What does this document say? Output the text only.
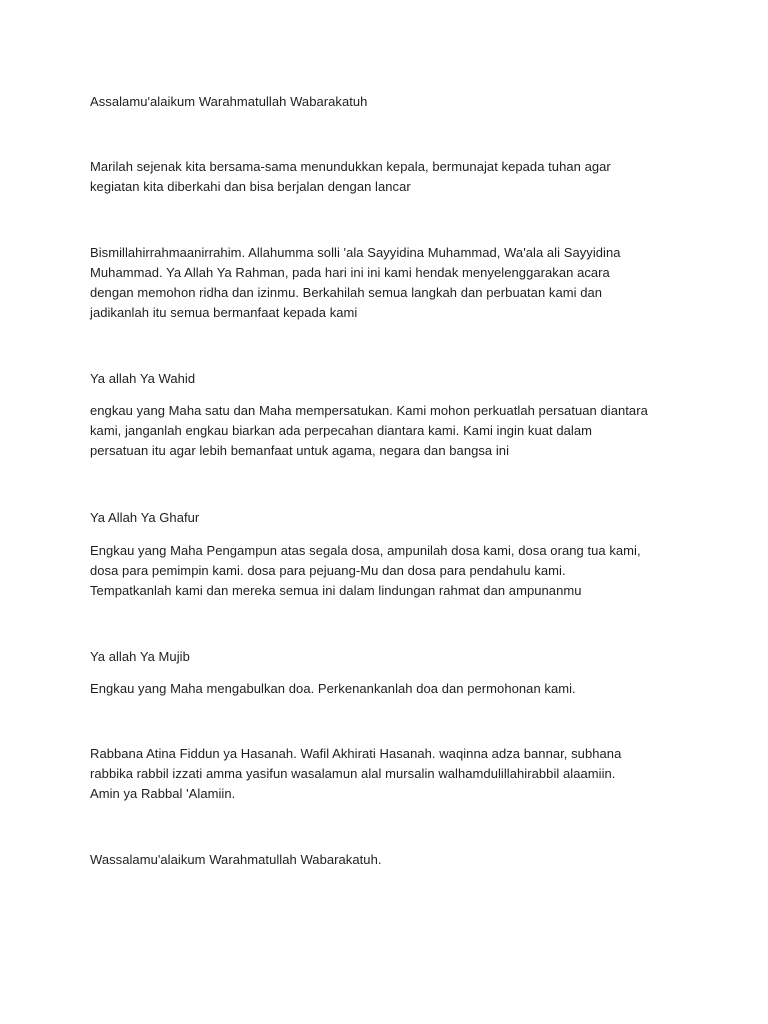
Assalamu'alaikum Warahmatullah Wabarakatuh

Marilah sejenak kita bersama-sama menundukkan kepala, bermunajat kepada tuhan agar
kegiatan kita diberkahi dan bisa berjalan dengan lancar

Bismillahirrahmaanirrahim. Allahumma solli 'ala Sayyidina Muhammad, Wa'ala ali Sayyidina
Muhammad. Ya Allah Ya Rahman, pada hari ini ini kami hendak menyelenggarakan acara
dengan memohon ridha dan izinmu. Berkahilah semua langkah dan perbuatan kami dan
jadikanlah itu semua bermanfaat kepada kami

Ya allah Ya Wahid

engkau yang Maha satu dan Maha mempersatukan. Kami mohon perkuatlah persatuan diantara
kami, janganlah engkau biarkan ada perpecahan diantara kami. Kami ingin kuat dalam
persatuan itu agar lebih bemanfaat untuk agama, negara dan bangsa ini

Ya Allah Ya Ghafur

Engkau yang Maha Pengampun atas segala dosa, ampunilah dosa kami, dosa orang tua kami,
dosa para pemimpin kami. dosa para pejuang-Mu dan dosa para pendahulu kami.
Tempatkanlah kami dan mereka semua ini dalam lindungan rahmat dan ampunanmu

Ya allah Ya Mujib

Engkau yang Maha mengabulkan doa. Perkenankanlah doa dan permohonan kami.

Rabbana Atina Fiddun ya Hasanah. Wafil Akhirati Hasanah. waqinna adza bannar, subhana
rabbika rabbil izzati amma yasifun wasalamun alal mursalin walhamdulillahirabbil alaamiin.
Amin ya Rabbal 'Alamiin.

Wassalamu'alaikum Warahmatullah Wabarakatuh.
